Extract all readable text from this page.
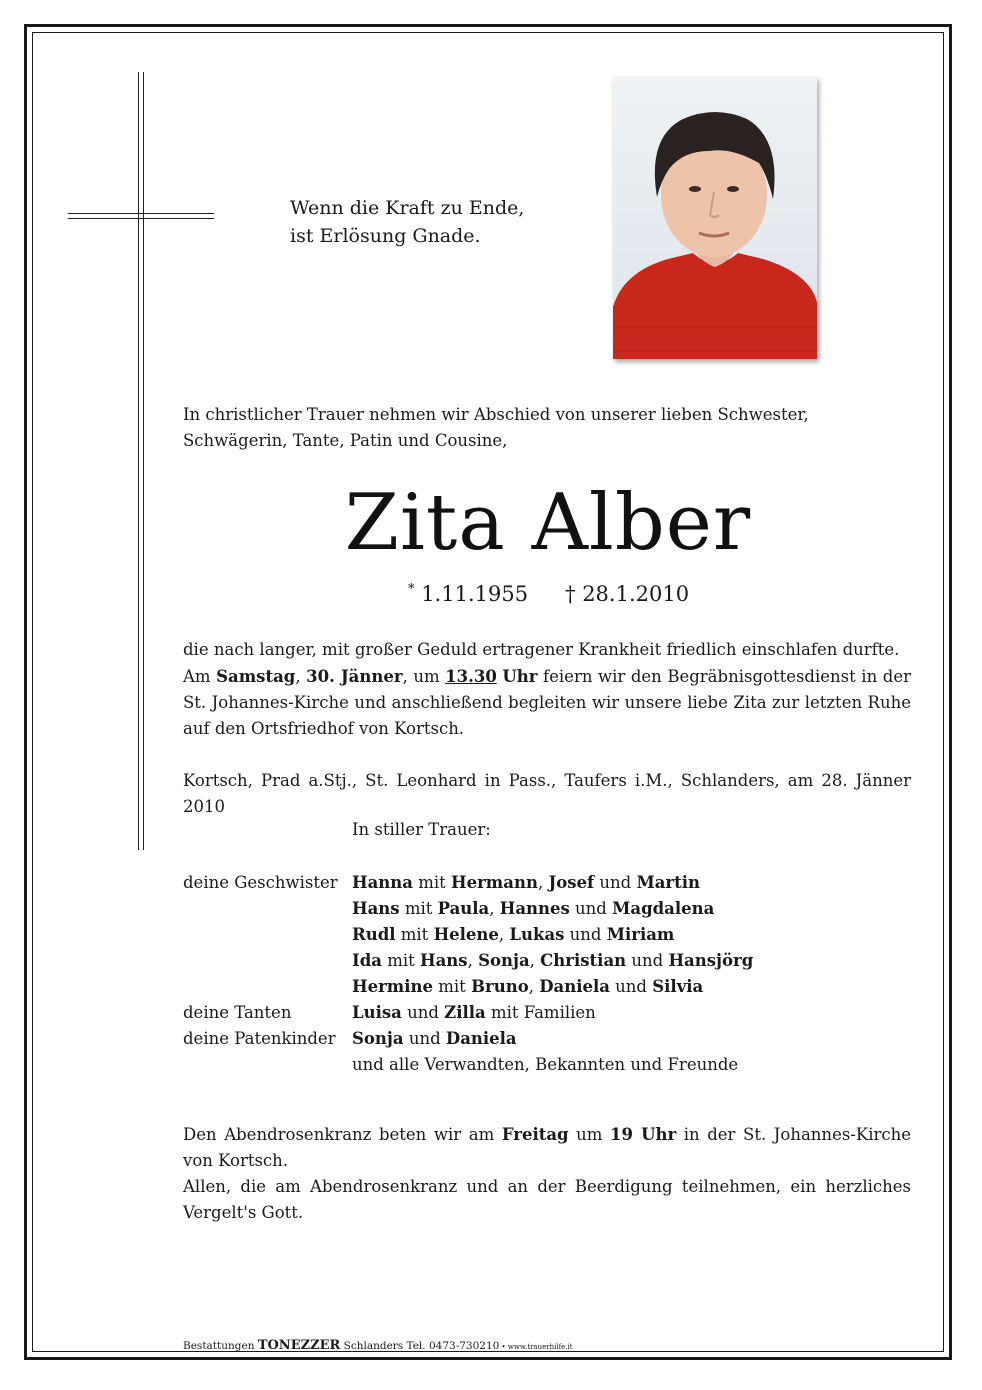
Wenn die Kraft zu Ende,
ist Erlösung Gnade.
In christlicher Trauer nehmen wir Abschied von unserer lieben Schwester,
Schwägerin, Tante, Patin und Cousine,
Zita Alber
* 1.11.1955 † 28.1.2010
die nach langer, mit großer Geduld ertragener Krankheit friedlich einschlafen durfte.
Am Samstag, 30. Jänner, um 13.30 Uhr feiern wir den Begräbnisgottesdienst in der St. Johannes-Kirche und anschließend begleiten wir unsere liebe Zita zur letzten Ruhe auf den Ortsfriedhof von Kortsch.
Kortsch, Prad a.Stj., St. Leonhard in Pass., Taufers i.M., Schlanders, am 28. Jänner 2010
In stiller Trauer:
deine Geschwister Hanna mit Hermann, Josef und Martin
Hans mit Paula, Hannes und Magdalena
Rudl mit Helene, Lukas und Miriam
Ida mit Hans, Sonja, Christian und Hansjörg
Hermine mit Bruno, Daniela und Silvia
deine Tanten	Luisa und Zilla mit Familien
deine Patenkinder Sonja und Daniela
und alle Verwandten, Bekannten und Freunde
Den Abendrosenkranz beten wir am Freitag um 19 Uhr in der St. Johannes-Kirche von Kortsch.
Allen, die am Abendrosenkranz und an der Beerdigung teilnehmen, ein herzliches Vergelt's Gott.
Bestattungen TONEZZER Schlanders Tel. 0473-730210 • www.trauerhilfe.it
